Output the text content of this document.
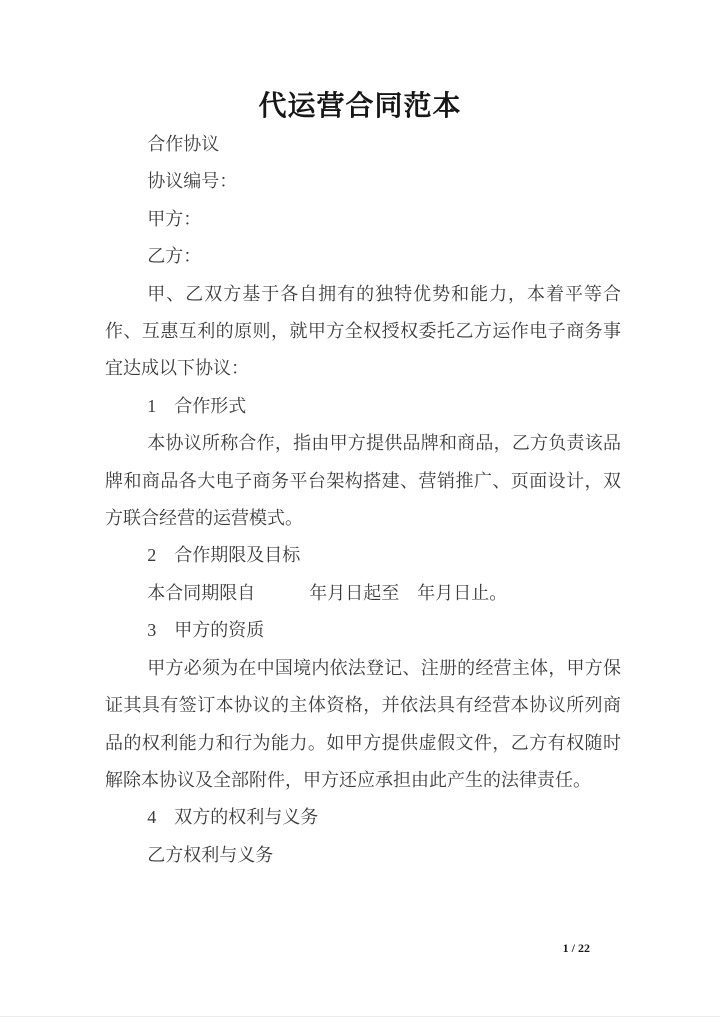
代运营合同范本

合作协议

协议编号：

甲方：

乙方：

甲、乙双方基于各自拥有的独特优势和能力，本着平等合作、互惠互利的原则，就甲方全权授权委托乙方运作电子商务事宜达成以下协议：

1　合作形式

本协议所称合作，指由甲方提供品牌和商品，乙方负责该品牌和商品各大电子商务平台架构搭建、营销推广、页面设计，双方联合经营的运营模式。

2　合作期限及目标

本合同期限自　　　年月日起至　年月日止。

3　甲方的资质

甲方必须为在中国境内依法登记、注册的经营主体，甲方保证其具有签订本协议的主体资格，并依法具有经营本协议所列商品的权利能力和行为能力。如甲方提供虚假文件，乙方有权随时解除本协议及全部附件，甲方还应承担由此产生的法律责任。

4　双方的权利与义务

乙方权利与义务

1 / 22
